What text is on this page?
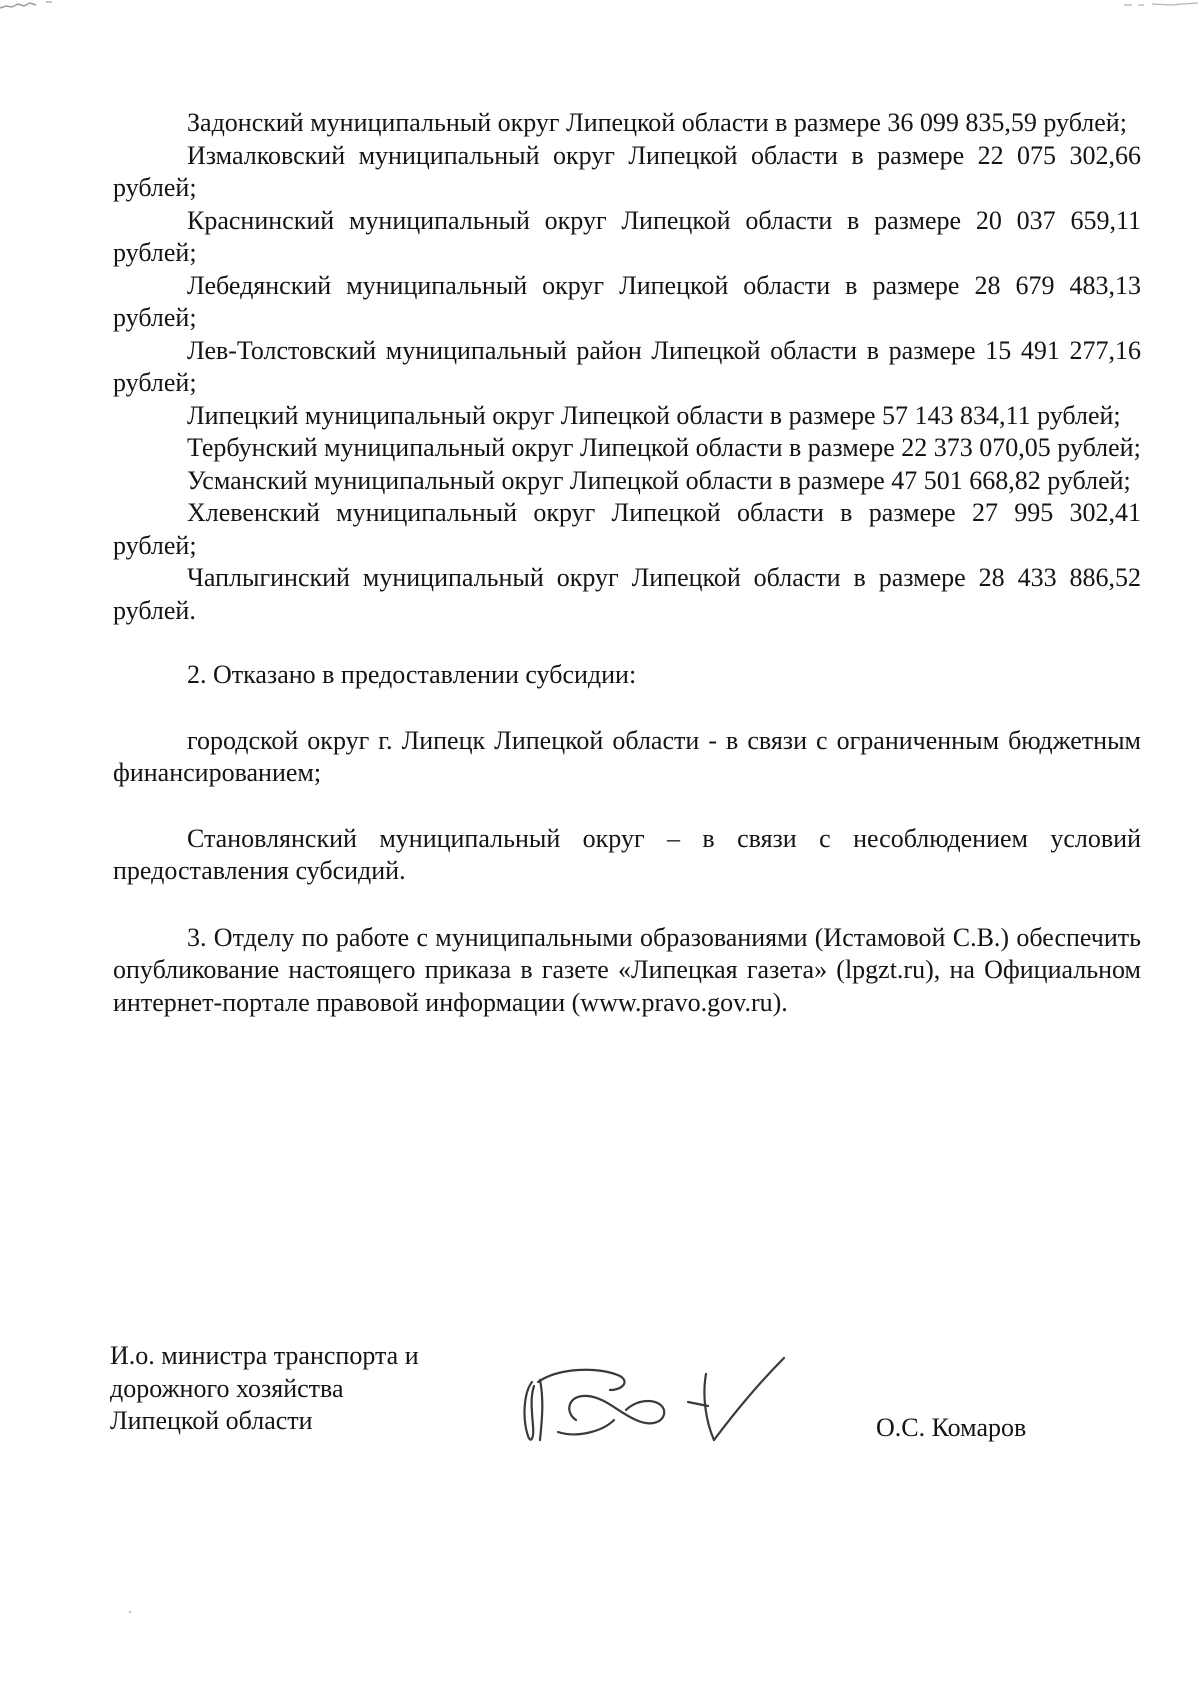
Задонский муниципальный округ Липецкой области в размере 36 099 835,59 рублей;

Измалковский муниципальный округ Липецкой области в размере 22 075 302,66 рублей;

Краснинский муниципальный округ Липецкой области в размере 20 037 659,11 рублей;

Лебедянский муниципальный округ Липецкой области в размере 28 679 483,13 рублей;

Лев-Толстовский муниципальный район Липецкой области в размере 15 491 277,16 рублей;

Липецкий муниципальный округ Липецкой области в размере 57 143 834,11 рублей;

Тербунский муниципальный округ Липецкой области в размере 22 373 070,05 рублей;

Усманский муниципальный округ Липецкой области в размере 47 501 668,82 рублей;

Хлевенский муниципальный округ Липецкой области в размере 27 995 302,41 рублей;

Чаплыгинский муниципальный округ Липецкой области в размере 28 433 886,52 рублей.

2. Отказано в предоставлении субсидии:

городской округ г. Липецк Липецкой области - в связи с ограниченным бюджетным финансированием;

Становлянский муниципальный округ – в связи с несоблюдением условий предоставления субсидий.

3. Отделу по работе с муниципальными образованиями (Истамовой С.В.) обеспечить опубликование настоящего приказа в газете «Липецкая газета» (lpgzt.ru), на Официальном интернет-портале правовой информации (www.pravo.gov.ru).

И.о. министра транспорта и
дорожного хозяйства
Липецкой области	О.С. Комаров
